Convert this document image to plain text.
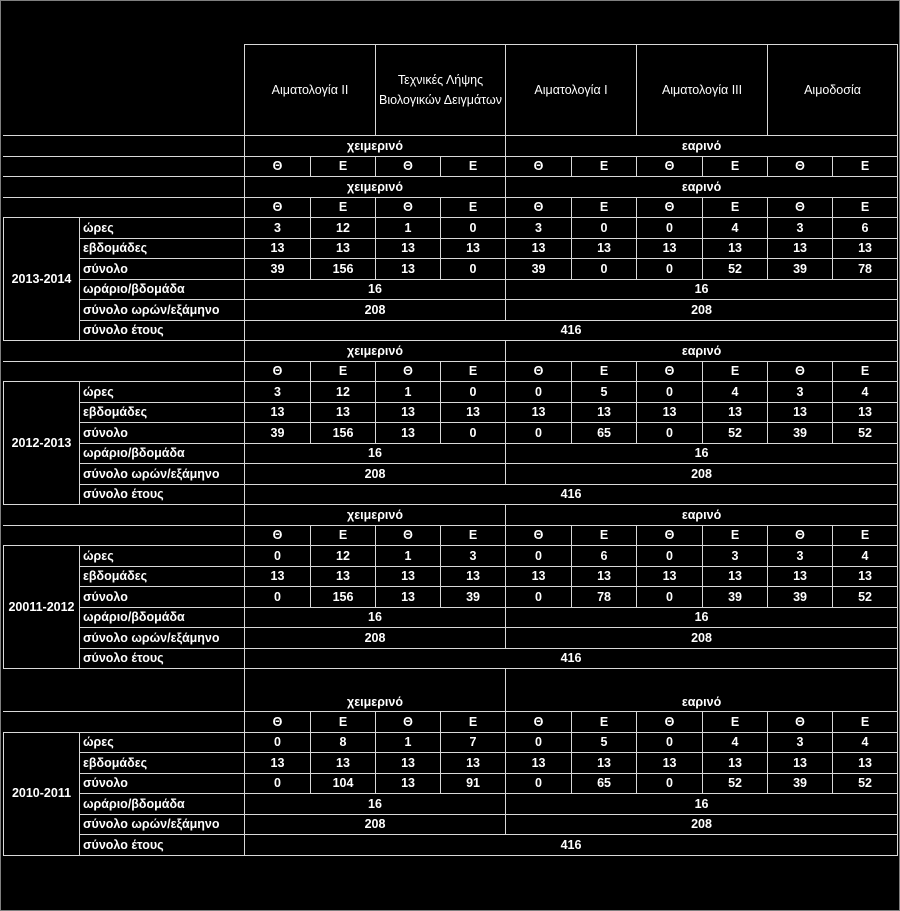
		Αιματολογία ΙΙ		Τεχνικές Λήψης Βιολογικών Δειγμάτων		Αιματολογία Ι		Αιματολογία ΙΙΙ		Αιμοδοσία	
		χειμερινό				εαρινό					
		Θ	Ε	Θ	Ε	Θ	Ε	Θ	Ε	Θ	Ε
		χειμερινό				εαρινό					
		Θ	Ε	Θ	Ε	Θ	Ε	Θ	Ε	Θ	Ε
2013-2014	ώρες	3	12	1	0	3	0	0	4	3	6
	εβδομάδες	13	13	13	13	13	13	13	13	13	13
	σύνολο	39	156	13	0	39	0	0	52	39	78
	ωράριο/βδομάδα	16				16					
	σύνολο ωρών/εξάμηνο	208				208					
	σύνολο έτους	416									
		χειμερινό				εαρινό					
		Θ	Ε	Θ	Ε	Θ	Ε	Θ	Ε	Θ	Ε
2012-2013	ώρες	3	12	1	0	0	5	0	4	3	4
	εβδομάδες	13	13	13	13	13	13	13	13	13	13
	σύνολο	39	156	13	0	0	65	0	52	39	52
	ωράριο/βδομάδα	16				16					
	σύνολο ωρών/εξάμηνο	208				208					
	σύνολο έτους	416									
		χειμερινό				εαρινό					
		Θ	Ε	Θ	Ε	Θ	Ε	Θ	Ε	Θ	Ε
20011-2012	ώρες	0	12	1	3	0	6	0	3	3	4
	εβδομάδες	13	13	13	13	13	13	13	13	13	13
	σύνολο	0	156	13	39	0	78	0	39	39	52
	ωράριο/βδομάδα	16				16					
	σύνολο ωρών/εξάμηνο	208				208					
	σύνολο έτους	416									
		χειμερινό				εαρινό					
		Θ	Ε	Θ	Ε	Θ	Ε	Θ	Ε	Θ	Ε
2010-2011	ώρες	0	8	1	7	0	5	0	4	3	4
	εβδομάδες	13	13	13	13	13	13	13	13	13	13
	σύνολο	0	104	13	91	0	65	0	52	39	52
	ωράριο/βδομάδα	16				16					
	σύνολο ωρών/εξάμηνο	208				208					
	σύνολο έτους	416									
